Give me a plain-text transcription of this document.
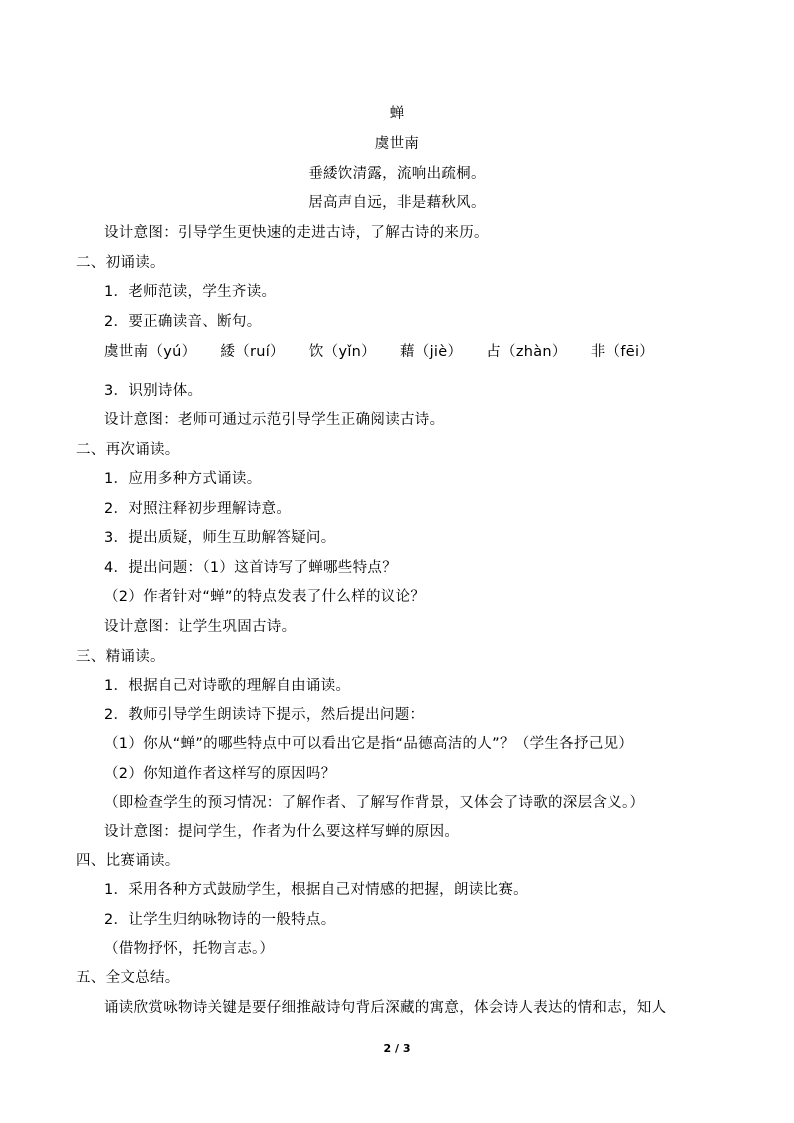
蝉
虞世南
垂緌饮清露，流响出疏桐。
居高声自远，非是藉秋风。
设计意图：引导学生更快速的走进古诗，了解古诗的来历。
二、初诵读。
1．老师范读，学生齐读。
2．要正确读音、断句。
虞世南（yú） 緌（ruí） 饮（yǐn） 藉（jiè） 占（zhàn） 非（fēi）
3．识别诗体。
设计意图：老师可通过示范引导学生正确阅读古诗。
二、再次诵读。
1．应用多种方式诵读。
2．对照注释初步理解诗意。
3．提出质疑，师生互助解答疑问。
4．提出问题：（1）这首诗写了蝉哪些特点？
（2）作者针对“蝉”的特点发表了什么样的议论？
设计意图：让学生巩固古诗。
三、精诵读。
1．根据自己对诗歌的理解自由诵读。
2．教师引导学生朗读诗下提示，然后提出问题：
（1）你从“蝉”的哪些特点中可以看出它是指“品德高洁的人”？（学生各抒己见）
（2）你知道作者这样写的原因吗？
（即检查学生的预习情况：了解作者、了解写作背景，又体会了诗歌的深层含义。）
设计意图：提问学生，作者为什么要这样写蝉的原因。
四、比赛诵读。
1．采用各种方式鼓励学生，根据自己对情感的把握，朗读比赛。
2．让学生归纳咏物诗的一般特点。
（借物抒怀，托物言志。）
五、全文总结。
诵读欣赏咏物诗关键是要仔细推敲诗句背后深藏的寓意，体会诗人表达的情和志，知人
2 / 3
